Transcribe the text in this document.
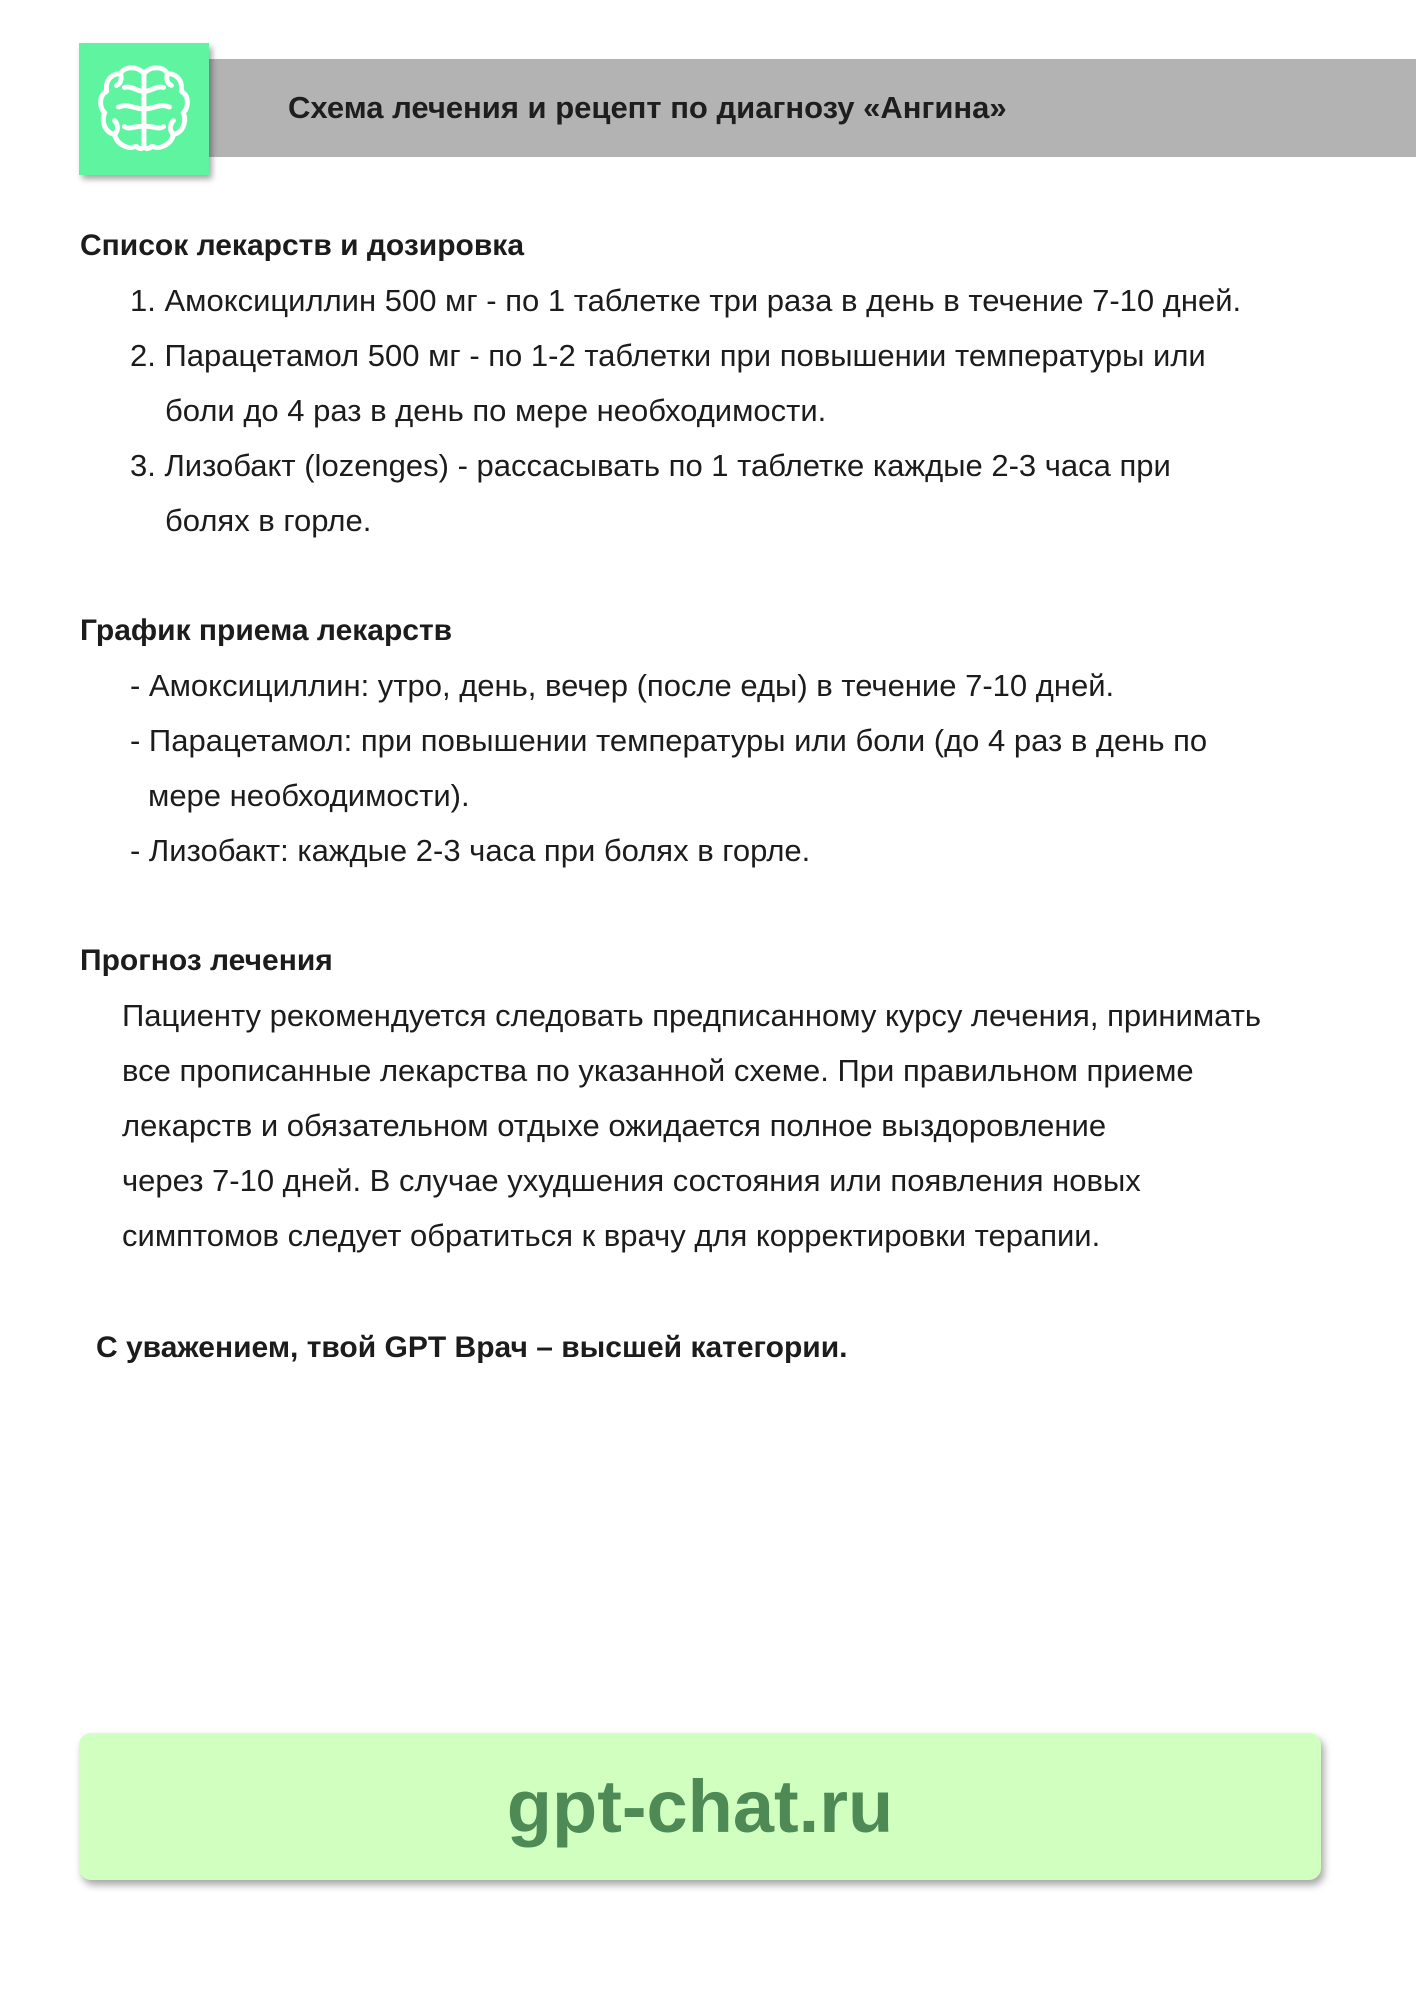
Схема лечения и рецепт по диагнозу «Ангина»
Список лекарств и дозировка
1. Амоксициллин 500 мг - по 1 таблетке три раза в день в течение 7-10 дней.
2. Парацетамол 500 мг - по 1-2 таблетки при повышении температуры или
боли до 4 раз в день по мере необходимости.
3. Лизобакт (lozenges) - рассасывать по 1 таблетке каждые 2-3 часа при
болях в горле.
График приема лекарств
- Амоксициллин: утро, день, вечер (после еды) в течение 7-10 дней.
- Парацетамол: при повышении температуры или боли (до 4 раз в день по
мере необходимости).
- Лизобакт: каждые 2-3 часа при болях в горле.
Прогноз лечения
Пациенту рекомендуется следовать предписанному курсу лечения, принимать
все прописанные лекарства по указанной схеме. При правильном приеме
лекарств и обязательном отдыхе ожидается полное выздоровление
через 7-10 дней. В случае ухудшения состояния или появления новых
симптомов следует обратиться к врачу для корректировки терапии.
С уважением, твой GPT Врач – высшей категории.
gpt-chat.ru
